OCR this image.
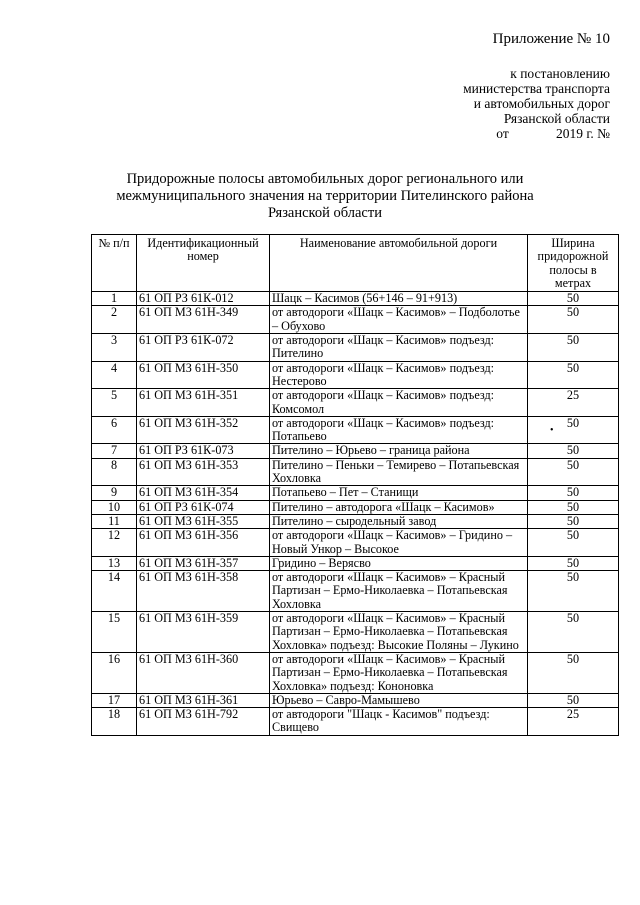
Приложение № 10
к постановлению
министерства транспорта
и автомобильных дорог
Рязанской области
от              2019 г. №
Придорожные полосы автомобильных дорог регионального или межмуниципального значения на территории Пителинского района Рязанской области
№ п/п	Идентификационный номер	Наименование автомобильной дороги	Ширина придорожной полосы в метрах
1	61 ОП РЗ 61К-012	Шацк – Касимов (56+146 – 91+913)	50
2	61 ОП МЗ 61Н-349	от автодороги «Шацк – Касимов» – Подболотье – Обухово	50
3	61 ОП РЗ 61К-072	от автодороги «Шацк – Касимов» подъезд: Пителино	50
4	61 ОП МЗ 61Н-350	от автодороги «Шацк – Касимов» подъезд: Нестерово	50
5	61 ОП МЗ 61Н-351	от автодороги «Шацк – Касимов» подъезд: Комсомол	25
6	61 ОП МЗ 61Н-352	от автодороги «Шацк – Касимов» подъезд: Потапьево	50
7	61 ОП РЗ 61К-073	Пителино – Юрьево – граница района	50
8	61 ОП МЗ 61Н-353	Пителино – Пеньки – Темирево – Потапьевская Хохловка	50
9	61 ОП МЗ 61Н-354	Потапьево – Пет – Станищи	50
10	61 ОП РЗ 61К-074	Пителино – автодорога «Шацк – Касимов»	50
11	61 ОП МЗ 61Н-355	Пителино – сыродельный завод	50
12	61 ОП МЗ 61Н-356	от автодороги «Шацк – Касимов» – Гридино – Новый Ункор – Высокое	50
13	61 ОП МЗ 61Н-357	Гридино – Верясво	50
14	61 ОП МЗ 61Н-358	от автодороги «Шацк – Касимов» – Красный Партизан – Ермо-Николаевка – Потапьевская Хохловка	50
15	61 ОП МЗ 61Н-359	от автодороги «Шацк – Касимов» – Красный Партизан – Ермо-Николаевка – Потапьевская Хохловка» подъезд: Высокие Поляны – Лукино	50
16	61 ОП МЗ 61Н-360	от автодороги «Шацк – Касимов» – Красный Партизан – Ермо-Николаевка – Потапьевская Хохловка» подъезд: Кононовка	50
17	61 ОП МЗ 61Н-361	Юрьево – Савро-Мамышево	50
18	61 ОП МЗ 61Н-792	от автодороги "Шацк - Касимов" подъезд: Свищево	25
•
